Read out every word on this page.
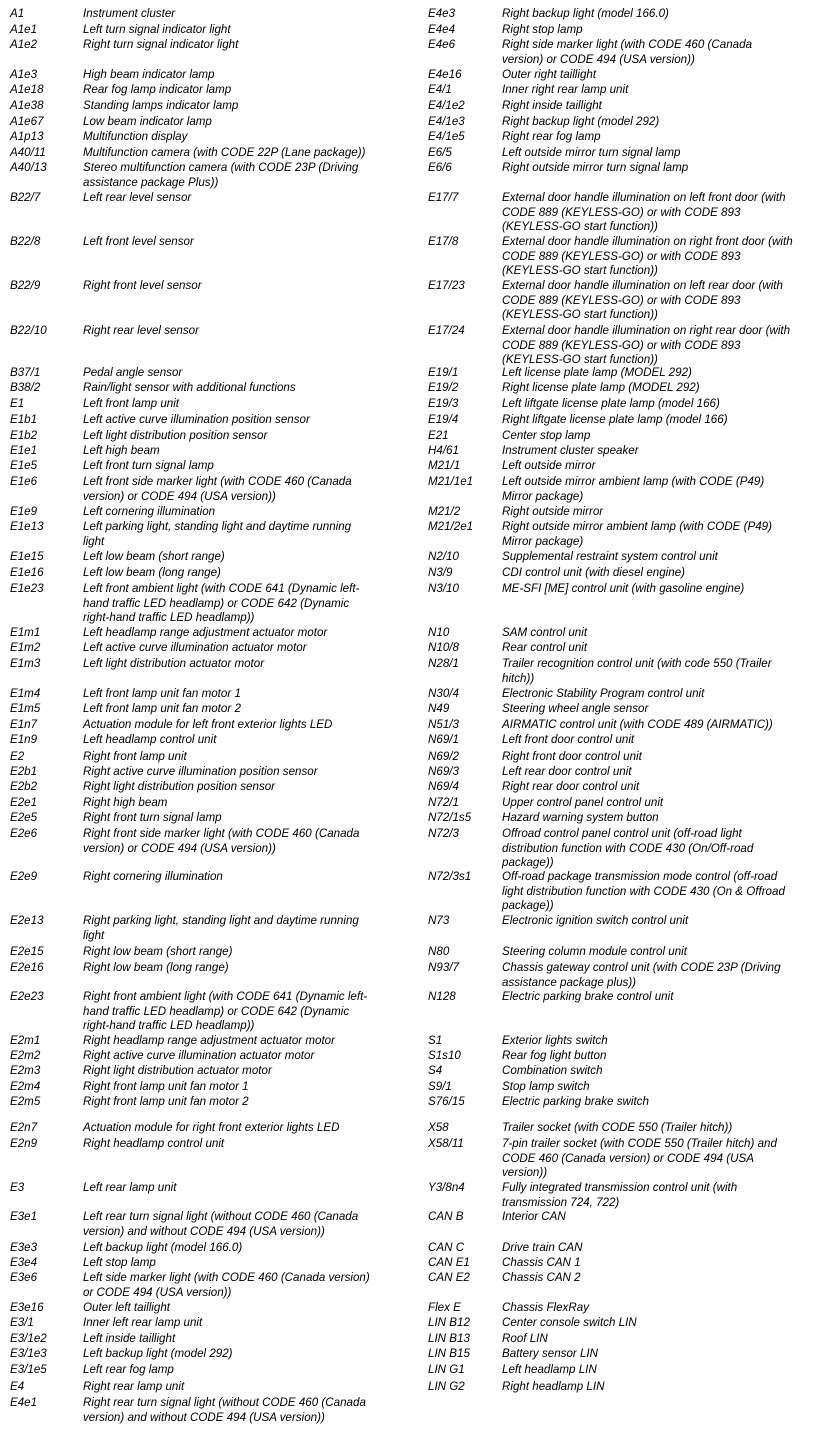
A1	Instrument cluster
A1e1	Left turn signal indicator light
A1e2	Right turn signal indicator light
A1e3	High beam indicator lamp
A1e18	Rear fog lamp indicator lamp
A1e38	Standing lamps indicator lamp
A1e67	Low beam indicator lamp
A1p13	Multifunction display
A40/11	Multifunction camera (with CODE 22P (Lane package))
A40/13	Stereo multifunction camera (with CODE 23P (Driving
assistance package Plus))
B22/7	Left rear level sensor
B22/8	Left front level sensor
B22/9	Right front level sensor
B22/10	Right rear level sensor
B37/1	Pedal angle sensor
B38/2	Rain/light sensor with additional functions
E1	Left front lamp unit
E1b1	Left active curve illumination position sensor
E1b2	Left light distribution position sensor
E1e1	Left high beam
E1e5	Left front turn signal lamp
E1e6	Left front side marker light (with CODE 460 (Canada
version) or CODE 494 (USA version))
E1e9	Left cornering illumination
E1e13	Left parking light, standing light and daytime running
light
E1e15	Left low beam (short range)
E1e16	Left low beam (long range)
E1e23	Left front ambient light (with CODE 641 (Dynamic left-
hand traffic LED headlamp) or CODE 642 (Dynamic
right-hand traffic LED headlamp))
E1m1	Left headlamp range adjustment actuator motor
E1m2	Left active curve illumination actuator motor
E1m3	Left light distribution actuator motor
E1m4	Left front lamp unit fan motor 1
E1m5	Left front lamp unit fan motor 2
E1n7	Actuation module for left front exterior lights LED
E1n9	Left headlamp control unit
E2	Right front lamp unit
E2b1	Right active curve illumination position sensor
E2b2	Right light distribution position sensor
E2e1	Right high beam
E2e5	Right front turn signal lamp
E2e6	Right front side marker light (with CODE 460 (Canada
version) or CODE 494 (USA version))
E2e9	Right cornering illumination
E2e13	Right parking light, standing light and daytime running
light
E2e15	Right low beam (short range)
E2e16	Right low beam (long range)
E2e23	Right front ambient light (with CODE 641 (Dynamic left-
hand traffic LED headlamp) or CODE 642 (Dynamic
right-hand traffic LED headlamp))
E2m1	Right headlamp range adjustment actuator motor
E2m2	Right active curve illumination actuator motor
E2m3	Right light distribution actuator motor
E2m4	Right front lamp unit fan motor 1
E2m5	Right front lamp unit fan motor 2
E2n7	Actuation module for right front exterior lights LED
E2n9	Right headlamp control unit
E3	Left rear lamp unit
E3e1	Left rear turn signal light (without CODE 460 (Canada
version) and without CODE 494 (USA version))
E3e3	Left backup light (model 166.0)
E3e4	Left stop lamp
E3e6	Left side marker light (with CODE 460 (Canada version)
or CODE 494 (USA version))
E3e16	Outer left taillight
E3/1	Inner left rear lamp unit
E3/1e2	Left inside taillight
E3/1e3	Left backup light (model 292)
E3/1e5	Left rear fog lamp
E4	Right rear lamp unit
E4e1	Right rear turn signal light (without CODE 460 (Canada
version) and without CODE 494 (USA version))
E4e3	Right backup light (model 166.0)
E4e4	Right stop lamp
E4e6	Right side marker light (with CODE 460 (Canada
version) or CODE 494 (USA version))
E4e16	Outer right taillight
E4/1	Inner right rear lamp unit
E4/1e2	Right inside taillight
E4/1e3	Right backup light (model 292)
E4/1e5	Right rear fog lamp
E6/5	Left outside mirror turn signal lamp
E6/6	Right outside mirror turn signal lamp
E17/7	External door handle illumination on left front door (with
CODE 889 (KEYLESS-GO) or with CODE 893
(KEYLESS-GO start function))
E17/8	External door handle illumination on right front door (with
CODE 889 (KEYLESS-GO) or with CODE 893
(KEYLESS-GO start function))
E17/23	External door handle illumination on left rear door (with
CODE 889 (KEYLESS-GO) or with CODE 893
(KEYLESS-GO start function))
E17/24	External door handle illumination on right rear door (with
CODE 889 (KEYLESS-GO) or with CODE 893
(KEYLESS-GO start function))
E19/1	Left license plate lamp (MODEL 292)
E19/2	Right license plate lamp (MODEL 292)
E19/3	Left liftgate license plate lamp (model 166)
E19/4	Right liftgate license plate lamp (model 166)
E21	Center stop lamp
H4/61	Instrument cluster speaker
M21/1	Left outside mirror
M21/1e1 Left outside mirror ambient lamp (with CODE (P49)
Mirror package)
M21/2	Right outside mirror
M21/2e1 Right outside mirror ambient lamp (with CODE (P49)
Mirror package)
N2/10	Supplemental restraint system control unit
N3/9	CDI control unit (with diesel engine)
N3/10	ME-SFI [ME] control unit (with gasoline engine)
N10	SAM control unit
N10/8	Rear control unit
N28/1	Trailer recognition control unit (with code 550 (Trailer
hitch))
N30/4	Electronic Stability Program control unit
N49	Steering wheel angle sensor
N51/3	AIRMATIC control unit (with CODE 489 (AIRMATIC))
N69/1	Left front door control unit
N69/2	Right front door control unit
N69/3	Left rear door control unit
N69/4	Right rear door control unit
N72/1	Upper control panel control unit
N72/1s5	Hazard warning system button
N72/3	Offroad control panel control unit (off-road light
distribution function with CODE 430 (On/Off-road
package))
N72/3s1	Off-road package transmission mode control (off-road
light distribution function with CODE 430 (On & Offroad
package))
N73	Electronic ignition switch control unit
N80	Steering column module control unit
N93/7	Chassis gateway control unit (with CODE 23P (Driving
assistance package plus))
N128	Electric parking brake control unit
S1	Exterior lights switch
S1s10	Rear fog light button
S4	Combination switch
S9/1	Stop lamp switch
S76/15	Electric parking brake switch
X58	Trailer socket (with CODE 550 (Trailer hitch))
X58/11	7-pin trailer socket (with CODE 550 (Trailer hitch) and
CODE 460 (Canada version) or CODE 494 (USA
version))
Y3/8n4	Fully integrated transmission control unit (with
transmission 724, 722)
CAN B	Interior CAN
CAN C	Drive train CAN
CAN E1	Chassis CAN 1
CAN E2	Chassis CAN 2
Flex E	Chassis FlexRay
LIN B12	Center console switch LIN
LIN B13	Roof LIN
LIN B15	Battery sensor LIN
LIN G1	Left headlamp LIN
LIN G2	Right headlamp LIN
